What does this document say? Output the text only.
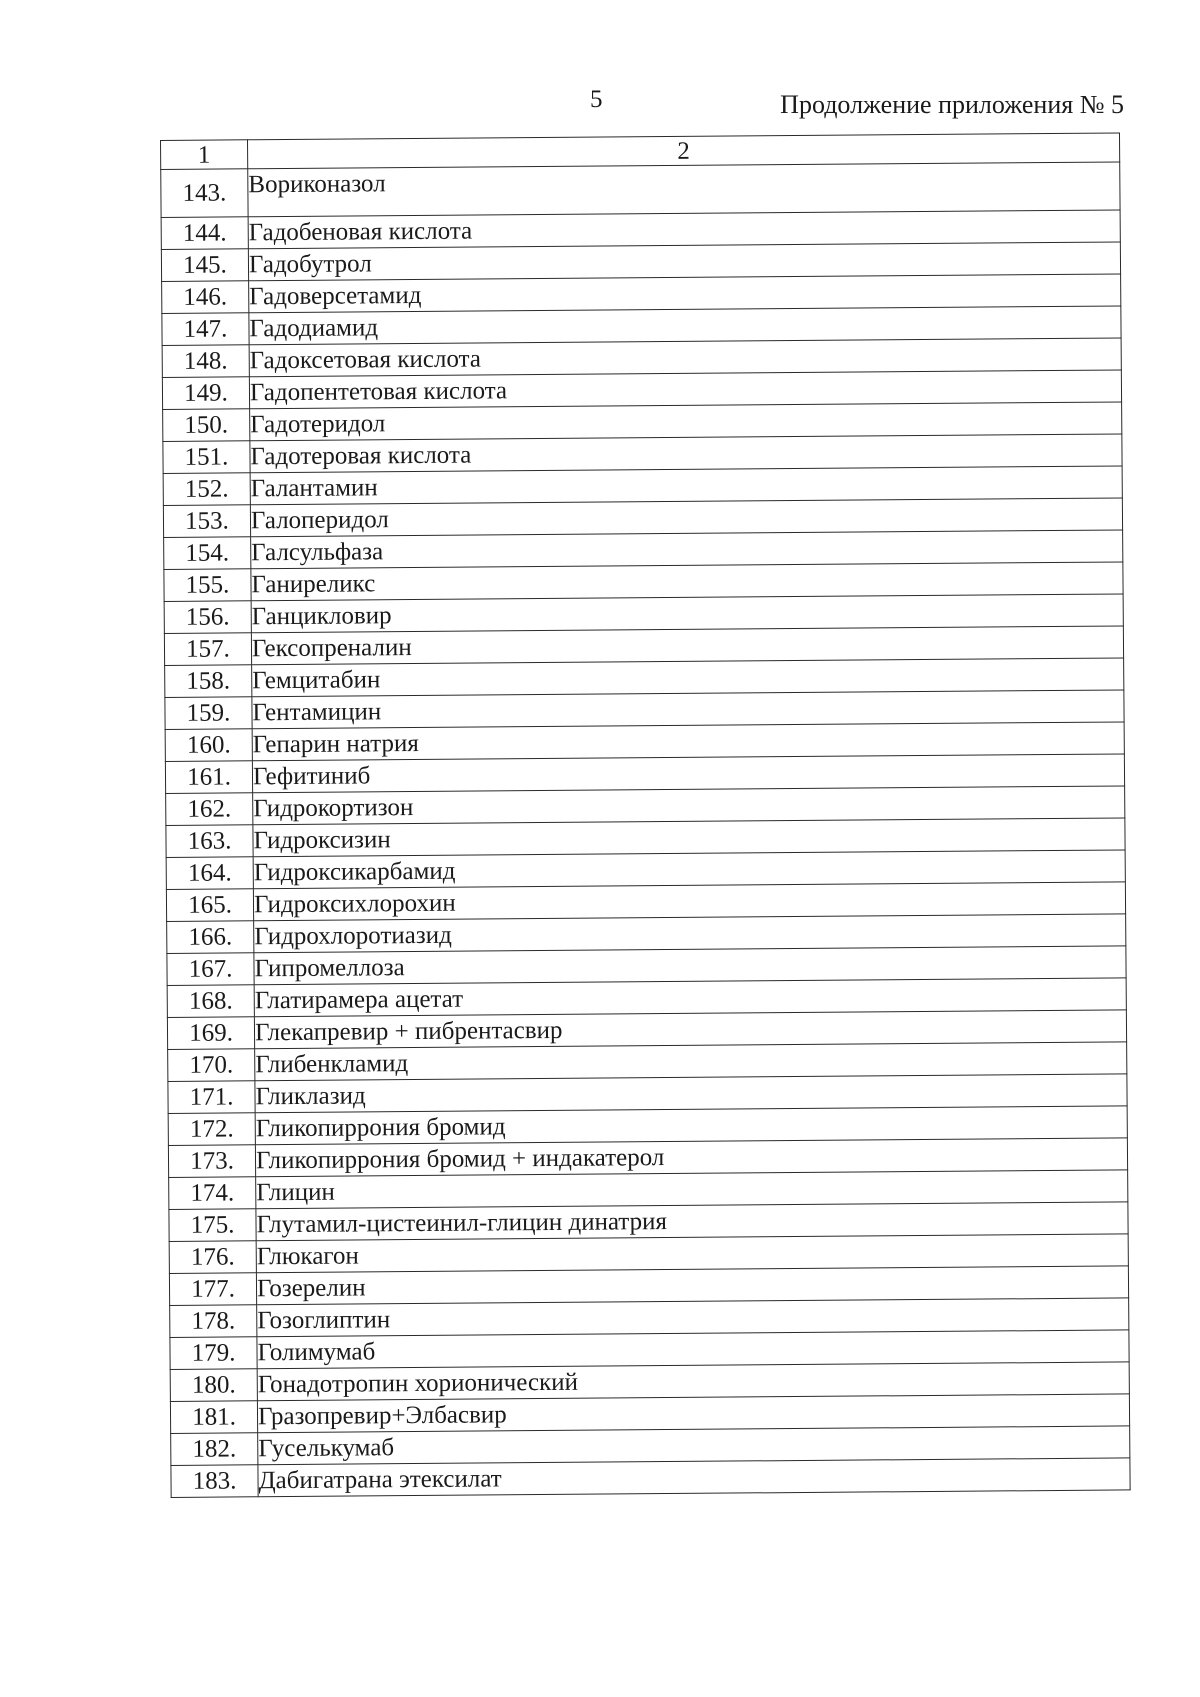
5	Продолжение приложения № 5
1	2
143.	Вориконазол
144.	Гадобеновая кислота
145.	Гадобутрол
146.	Гадоверсетамид
147.	Гадодиамид
148.	Гадоксетовая кислота
149.	Гадопентетовая кислота
150.	Гадотеридол
151.	Гадотеровая кислота
152.	Галантамин
153.	Галоперидол
154.	Галсульфаза
155.	Ганиреликс
156.	Ганцикловир
157.	Гексопреналин
158.	Гемцитабин
159.	Гентамицин
160.	Гепарин натрия
161.	Гефитиниб
162.	Гидрокортизон
163.	Гидроксизин
164.	Гидроксикарбамид
165.	Гидроксихлорохин
166.	Гидрохлоротиазид
167.	Гипромеллоза
168.	Глатирамера ацетат
169.	Глекапревир + пибрентасвир
170.	Глибенкламид
171.	Гликлазид
172.	Гликопиррония бромид
173.	Гликопиррония бромид + индакатерол
174.	Глицин
175.	Глутамил-цистеинил-глицин динатрия
176.	Глюкагон
177.	Гозерелин
178.	Гозоглиптин
179.	Голимумаб
180.	Гонадотропин хорионический
181.	Гразопревир+Элбасвир
182.	Гуселькумаб
183.	Дабигатрана этексилат
